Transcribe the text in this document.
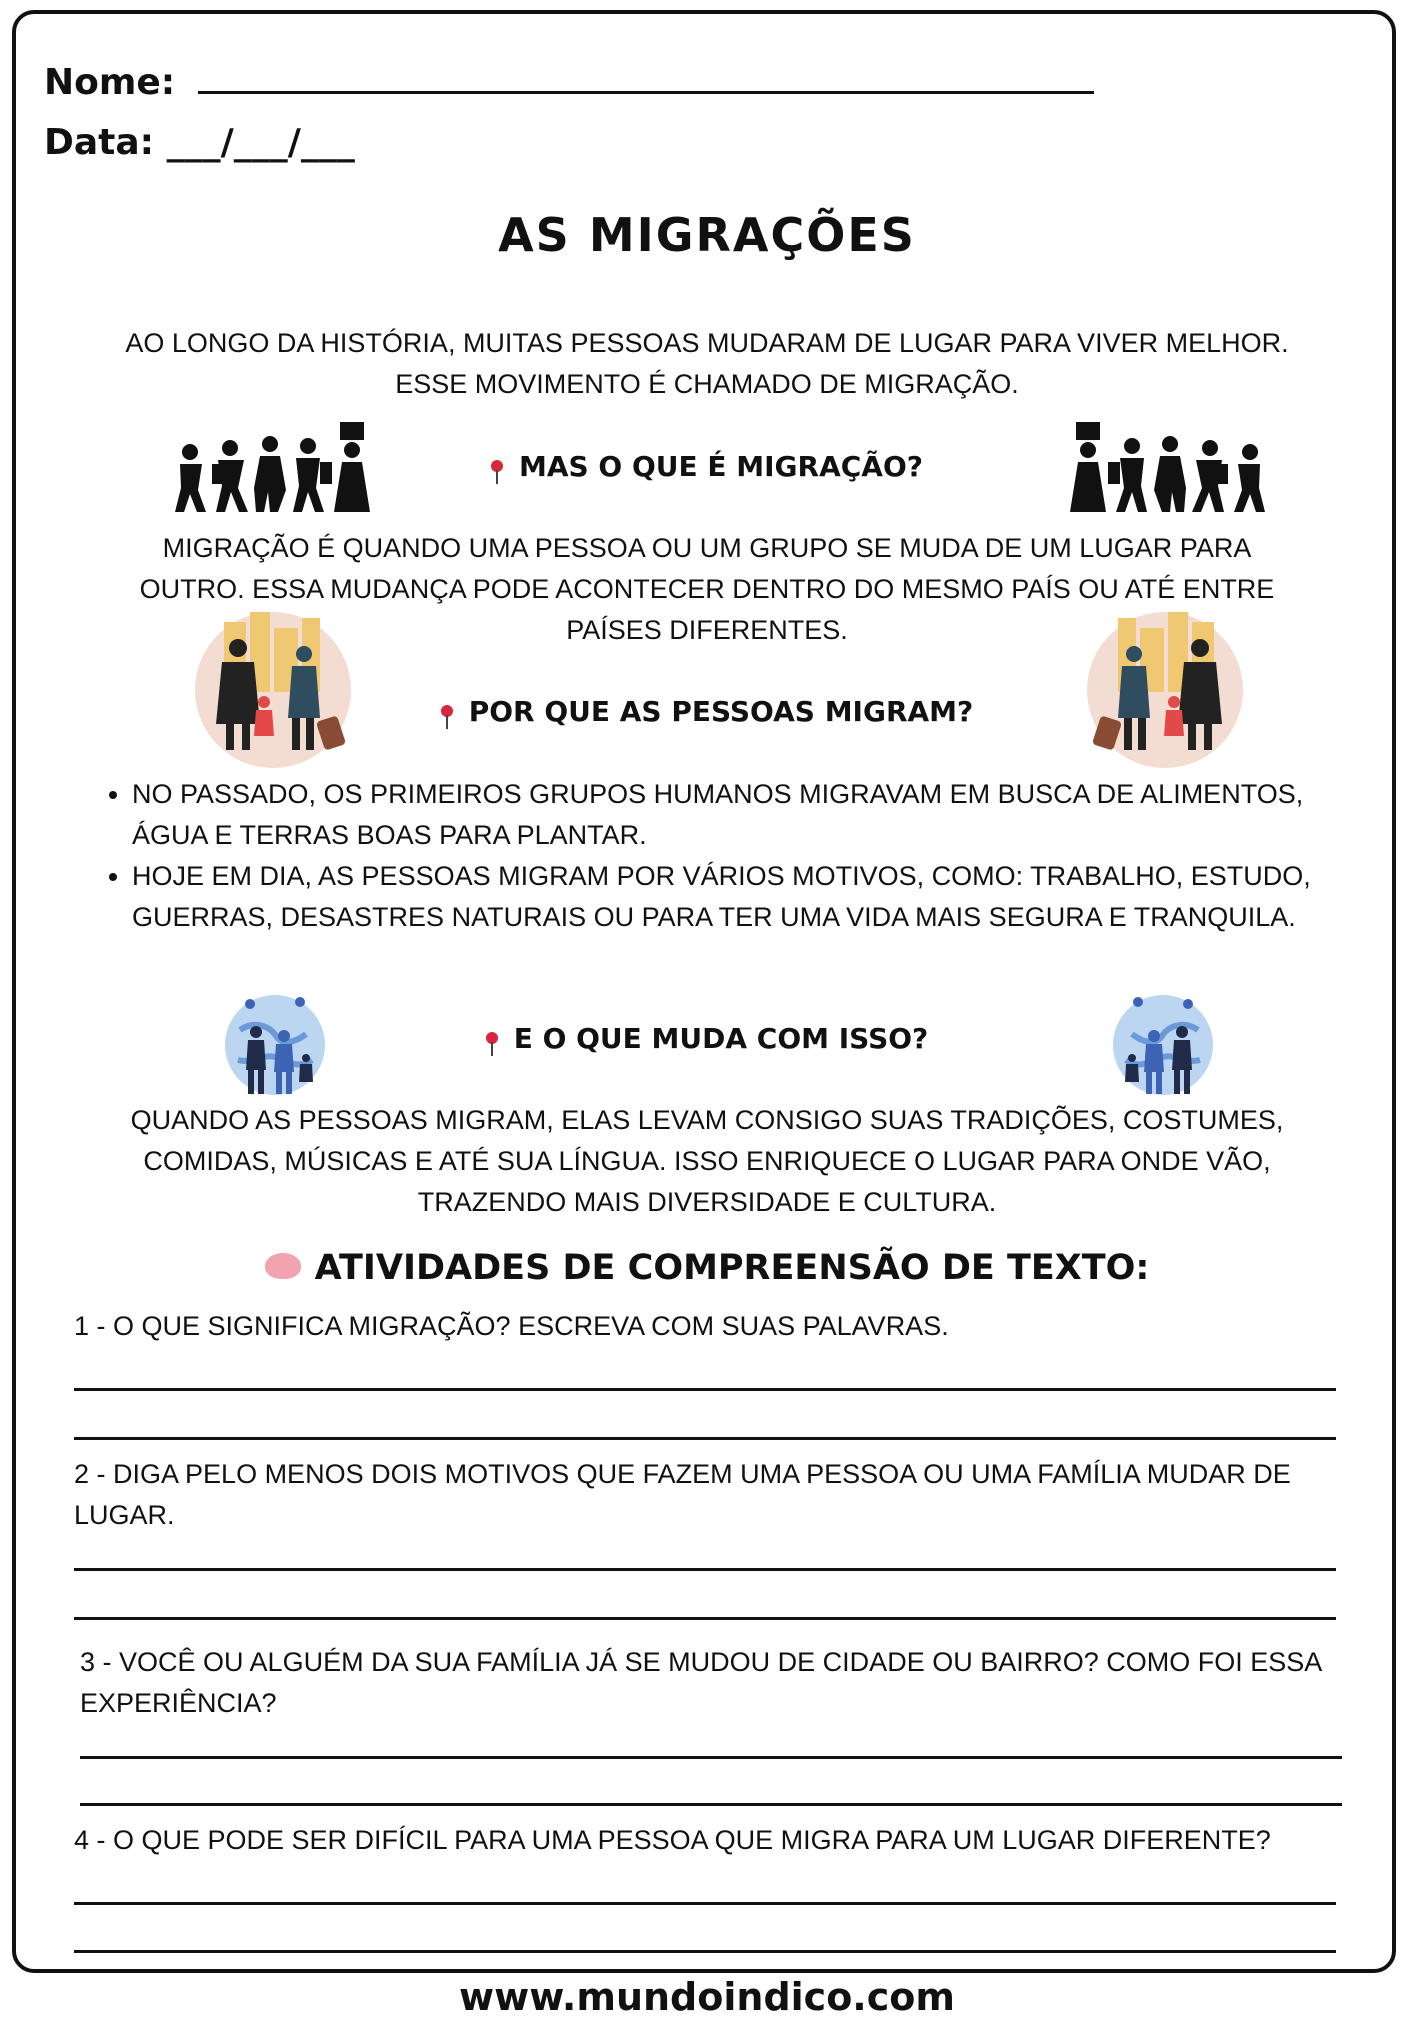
Nome:
Data: ___/___/___
AS MIGRAÇÕES
AO LONGO DA HISTÓRIA, MUITAS PESSOAS MUDARAM DE LUGAR PARA VIVER MELHOR.
ESSE MOVIMENTO É CHAMADO DE MIGRAÇÃO.
MAS O QUE É MIGRAÇÃO?
MIGRAÇÃO É QUANDO UMA PESSOA OU UM GRUPO SE MUDA DE UM LUGAR PARA OUTRO. ESSA MUDANÇA PODE ACONTECER DENTRO DO MESMO PAÍS OU ATÉ ENTRE PAÍSES DIFERENTES.
POR QUE AS PESSOAS MIGRAM?
• NO PASSADO, OS PRIMEIROS GRUPOS HUMANOS MIGRAVAM EM BUSCA DE ALIMENTOS, ÁGUA E TERRAS BOAS PARA PLANTAR.
• HOJE EM DIA, AS PESSOAS MIGRAM POR VÁRIOS MOTIVOS, COMO: TRABALHO, ESTUDO, GUERRAS, DESASTRES NATURAIS OU PARA TER UMA VIDA MAIS SEGURA E TRANQUILA.
E O QUE MUDA COM ISSO?
QUANDO AS PESSOAS MIGRAM, ELAS LEVAM CONSIGO SUAS TRADIÇÕES, COSTUMES, COMIDAS, MÚSICAS E ATÉ SUA LÍNGUA. ISSO ENRIQUECE O LUGAR PARA ONDE VÃO, TRAZENDO MAIS DIVERSIDADE E CULTURA.
ATIVIDADES DE COMPREENSÃO DE TEXTO:
1 - O QUE SIGNIFICA MIGRAÇÃO? ESCREVA COM SUAS PALAVRAS.
2 - DIGA PELO MENOS DOIS MOTIVOS QUE FAZEM UMA PESSOA OU UMA FAMÍLIA MUDAR DE LUGAR.
3 - VOCÊ OU ALGUÉM DA SUA FAMÍLIA JÁ SE MUDOU DE CIDADE OU BAIRRO? COMO FOI ESSA EXPERIÊNCIA?
4 - O QUE PODE SER DIFÍCIL PARA UMA PESSOA QUE MIGRA PARA UM LUGAR DIFERENTE?
www.mundoindico.com
